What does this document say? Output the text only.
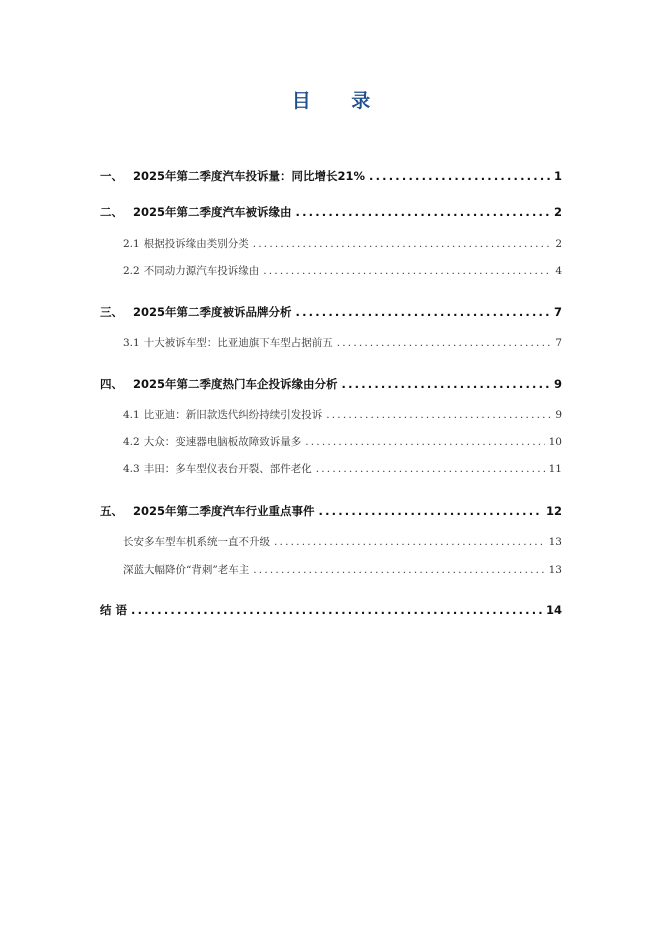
目 录
一、 2025年第二季度汽车投诉量：同比增长21% .....	1
二、 2025年第二季度汽车被诉缘由 .....	2
2.1 根据投诉缘由类别分类 .....	2
2.2 不同动力源汽车投诉缘由 .....	4
三、 2025年第二季度被诉品牌分析 .....	7
3.1 十大被诉车型：比亚迪旗下车型占据前五 .....	7
四、 2025年第二季度热门车企投诉缘由分析 .....	9
4.1 比亚迪：新旧款迭代纠纷持续引发投诉 .....	9
4.2 大众：变速器电脑板故障致诉量多 .....	10
4.3 丰田：多车型仪表台开裂、部件老化 .....	11
五、 2025年第二季度汽车行业重点事件 .....	12
长安多车型车机系统一直不升级 .....	13
深蓝大幅降价“背刺”老车主 .....	13
结 语 .....	14
